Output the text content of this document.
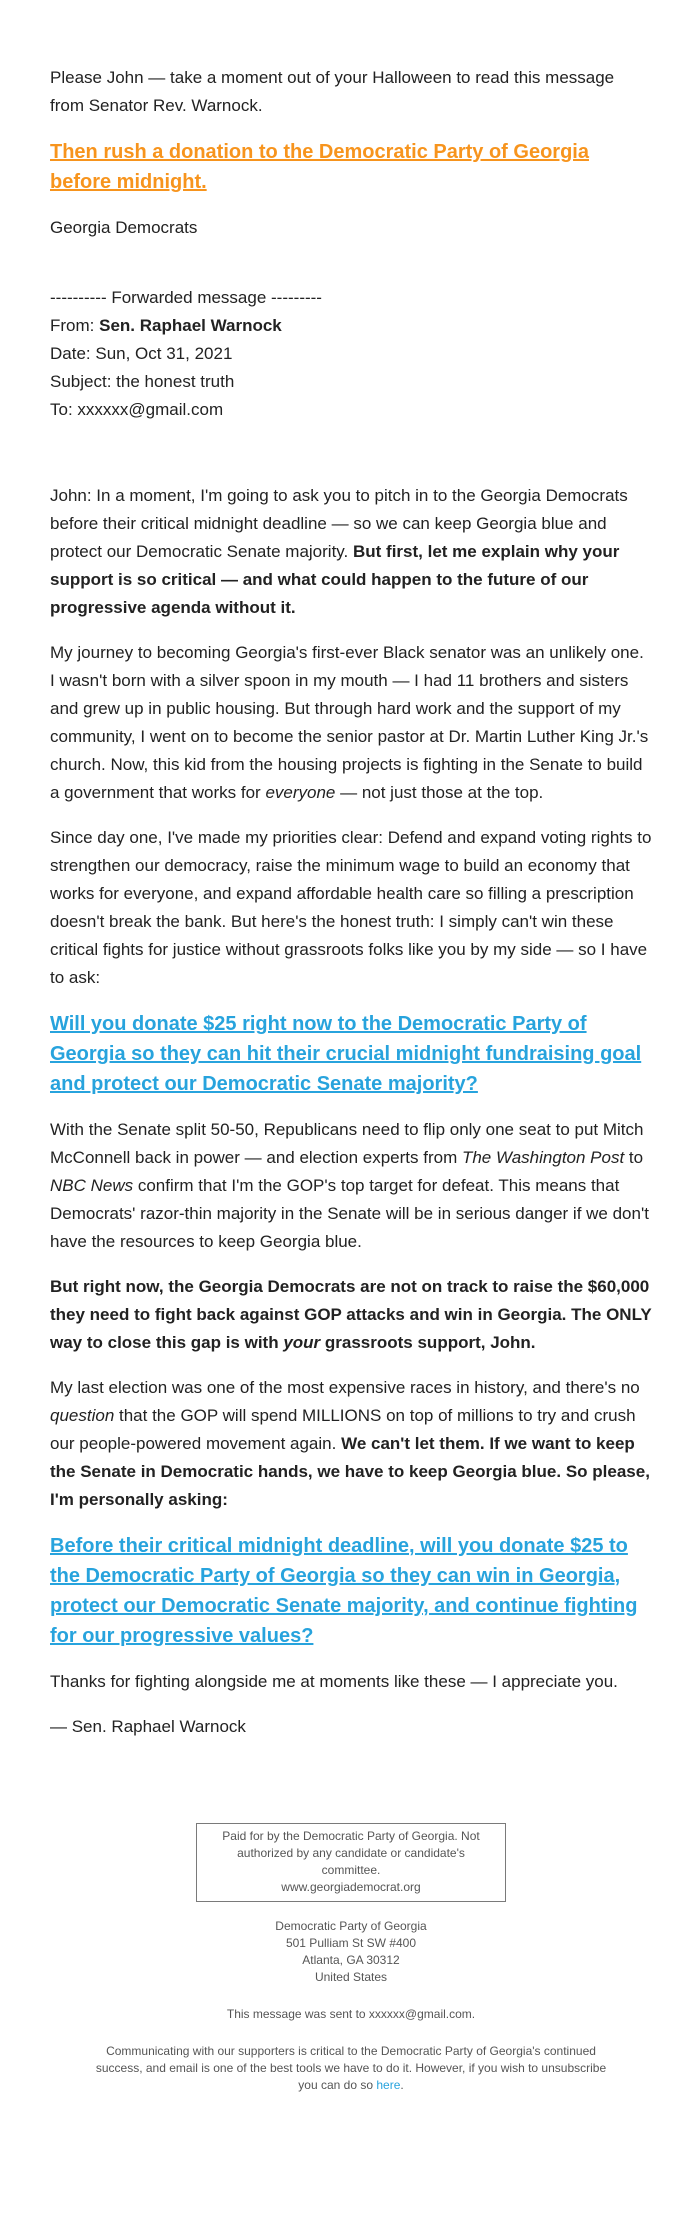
Please John — take a moment out of your Halloween to read this message from Senator Rev. Warnock.

Then rush a donation to the Democratic Party of Georgia before midnight.

Georgia Democrats

---------- Forwarded message ---------

From: Sen. Raphael Warnock

Date: Sun, Oct 31, 2021

Subject: the honest truth

To: xxxxxx@gmail.com

John: In a moment, I'm going to ask you to pitch in to the Georgia Democrats before their critical midnight deadline — so we can keep Georgia blue and protect our Democratic Senate majority. But first, let me explain why your support is so critical — and what could happen to the future of our progressive agenda without it.

My journey to becoming Georgia's first-ever Black senator was an unlikely one. I wasn't born with a silver spoon in my mouth — I had 11 brothers and sisters and grew up in public housing. But through hard work and the support of my community, I went on to become the senior pastor at Dr. Martin Luther King Jr.'s church. Now, this kid from the housing projects is fighting in the Senate to build a government that works for everyone — not just those at the top.

Since day one, I've made my priorities clear: Defend and expand voting rights to strengthen our democracy, raise the minimum wage to build an economy that works for everyone, and expand affordable health care so filling a prescription doesn't break the bank. But here's the honest truth: I simply can't win these critical fights for justice without grassroots folks like you by my side — so I have to ask:

Will you donate $25 right now to the Democratic Party of Georgia so they can hit their crucial midnight fundraising goal and protect our Democratic Senate majority?

With the Senate split 50-50, Republicans need to flip only one seat to put Mitch McConnell back in power — and election experts from The Washington Post to NBC News confirm that I'm the GOP's top target for defeat. This means that Democrats' razor-thin majority in the Senate will be in serious danger if we don't have the resources to keep Georgia blue.

But right now, the Georgia Democrats are not on track to raise the $60,000 they need to fight back against GOP attacks and win in Georgia. The ONLY way to close this gap is with your grassroots support, John.

My last election was one of the most expensive races in history, and there's no question that the GOP will spend MILLIONS on top of millions to try and crush our people-powered movement again. We can't let them. If we want to keep the Senate in Democratic hands, we have to keep Georgia blue. So please, I'm personally asking:

Before their critical midnight deadline, will you donate $25 to the Democratic Party of Georgia so they can win in Georgia, protect our Democratic Senate majority, and continue fighting for our progressive values?

Thanks for fighting alongside me at moments like these — I appreciate you.

— Sen. Raphael Warnock

Paid for by the Democratic Party of Georgia. Not authorized by any candidate or candidate's committee.
www.georgiademocrat.org
Democratic Party of Georgia
501 Pulliam St SW #400
Atlanta, GA 30312
United States
This message was sent to xxxxxx@gmail.com.
Communicating with our supporters is critical to the Democratic Party of Georgia's continued success, and email is one of the best tools we have to do it. However, if you wish to unsubscribe you can do so here.
